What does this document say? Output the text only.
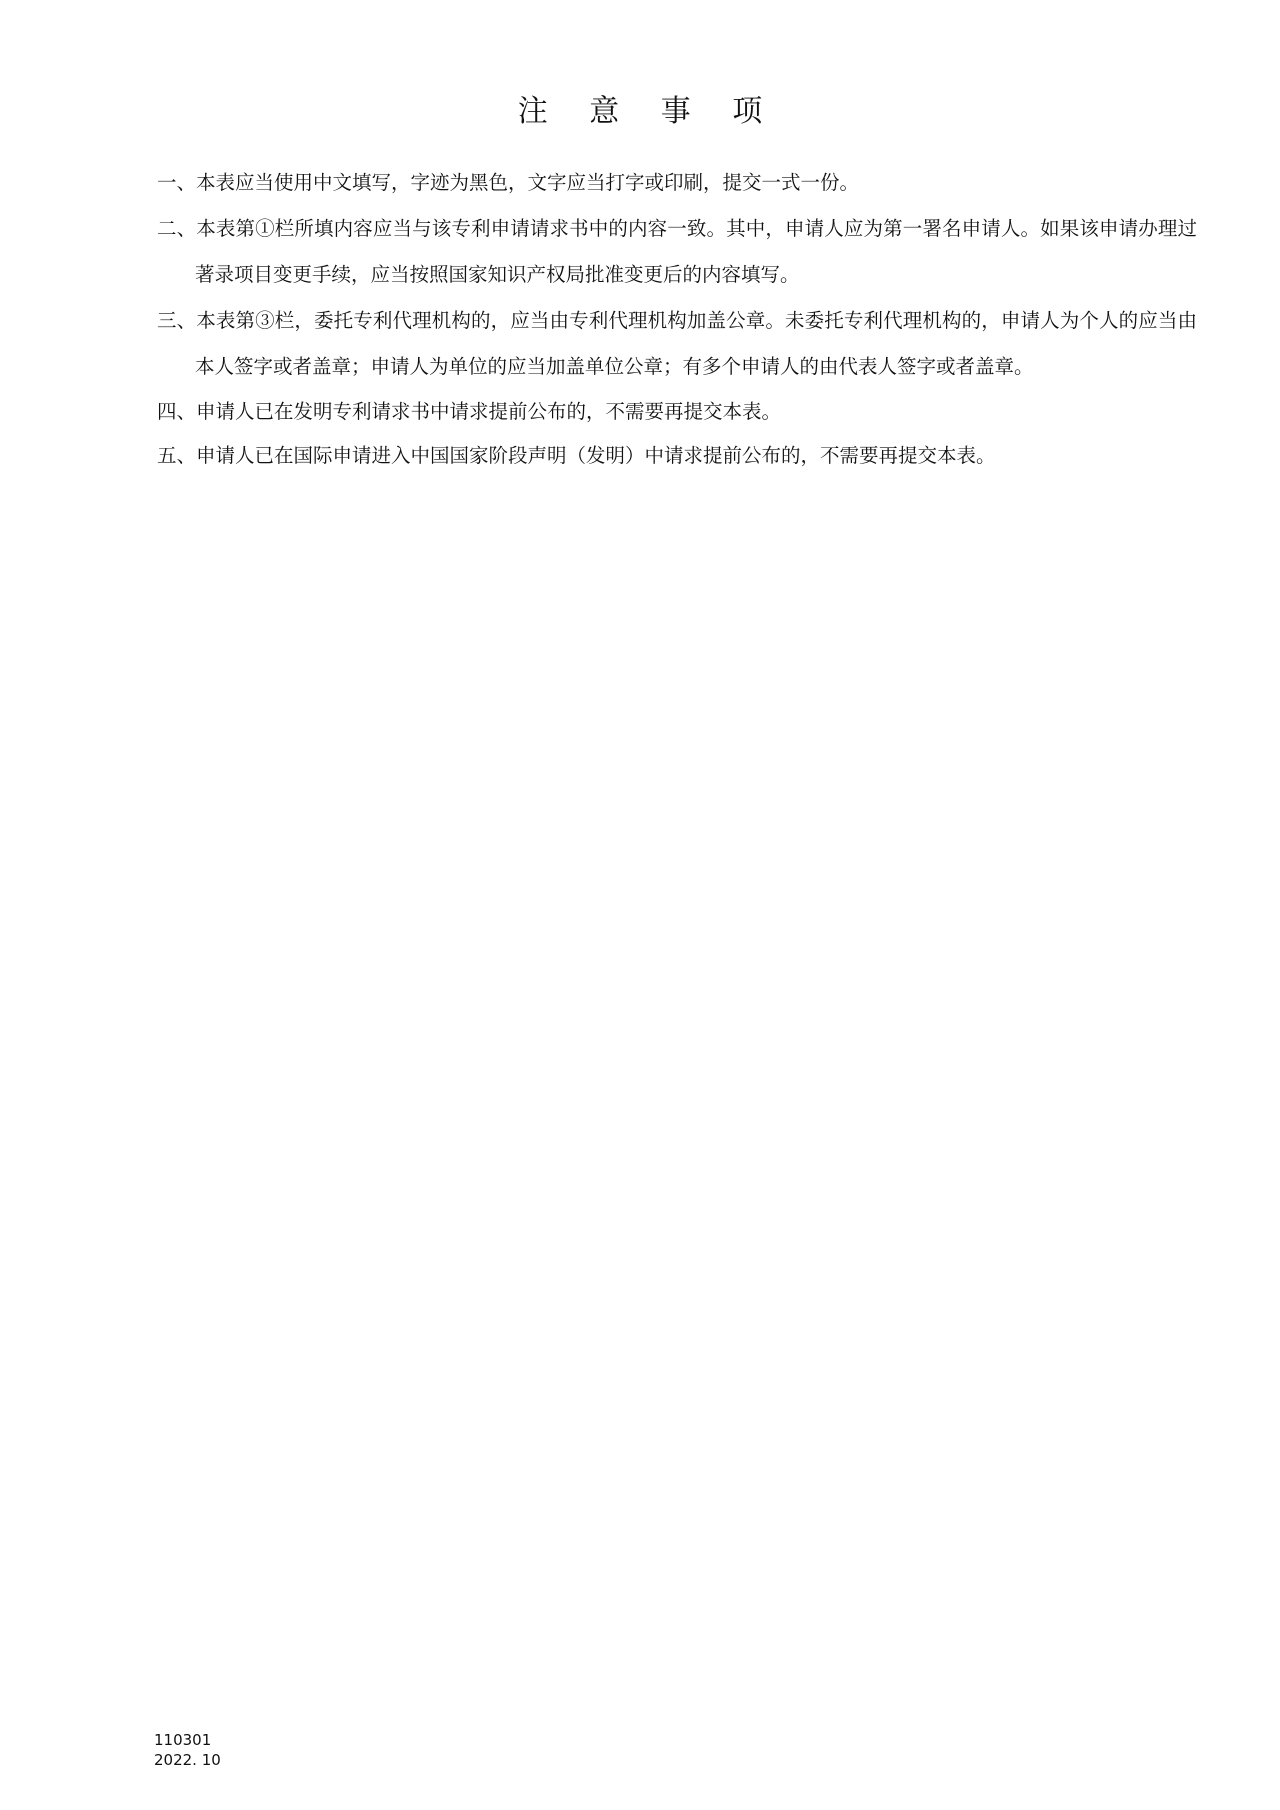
注 意 事 项
一、本表应当使用中文填写，字迹为黑色，文字应当打字或印刷，提交一式一份。
二、本表第①栏所填内容应当与该专利申请请求书中的内容一致。其中，申请人应为第一署名申请人。如果该申请办理过著录项目变更手续，应当按照国家知识产权局批准变更后的内容填写。
三、本表第③栏，委托专利代理机构的，应当由专利代理机构加盖公章。未委托专利代理机构的，申请人为个人的应当由本人签字或者盖章；申请人为单位的应当加盖单位公章；有多个申请人的由代表人签字或者盖章。
四、申请人已在发明专利请求书中请求提前公布的，不需要再提交本表。
五、申请人已在国际申请进入中国国家阶段声明（发明）中请求提前公布的，不需要再提交本表。
110301
2022. 10
